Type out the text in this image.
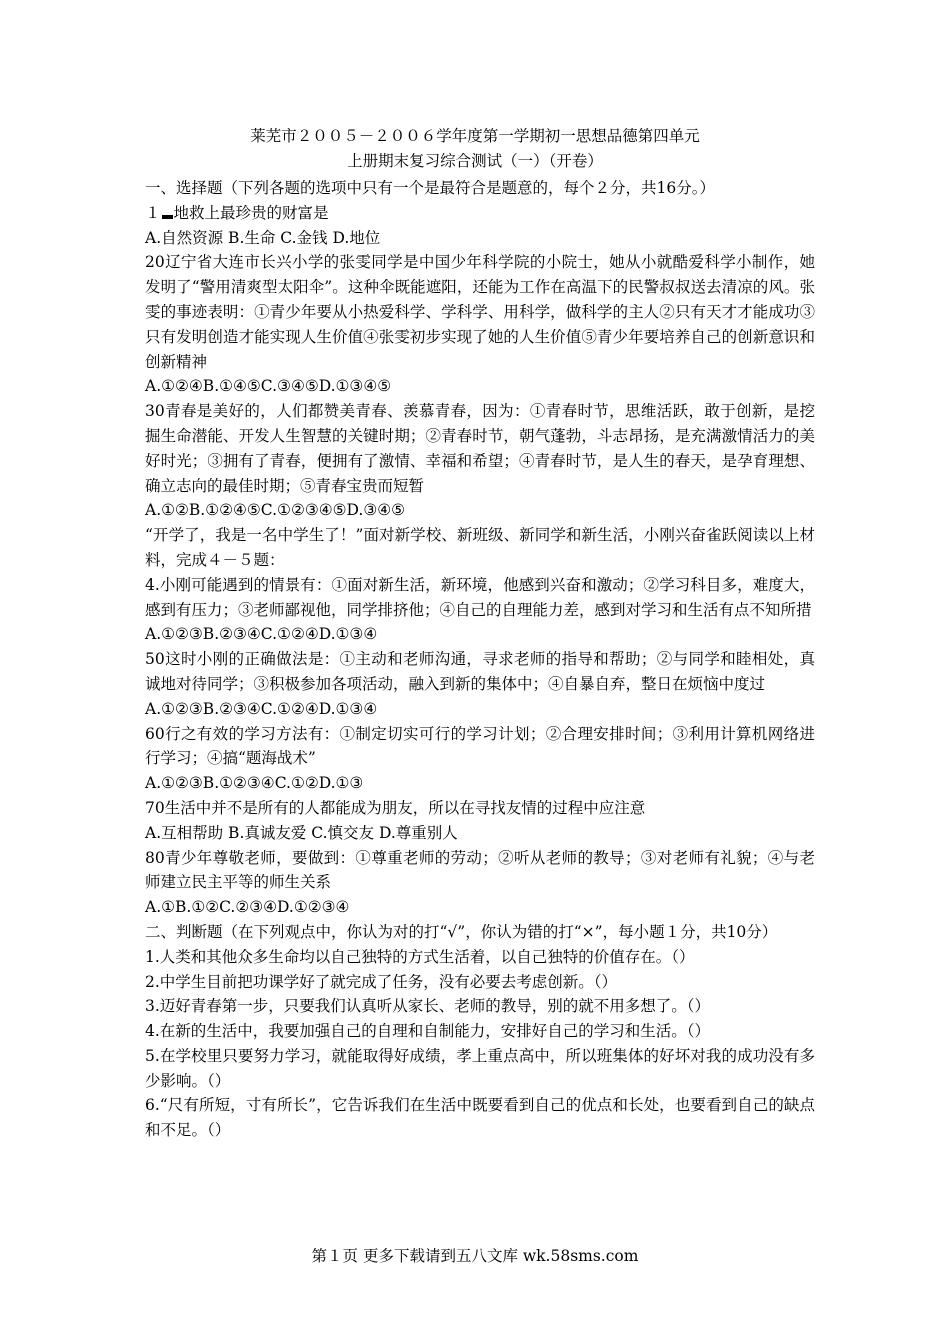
莱芜市２００５－２００６学年度第一学期初一思想品德第四单元
上册期末复习综合测试（一）（开卷）

一、选择题（下列各题的选项中只有一个是最符合是题意的，每个２分，共16分。）

１ 地救上最珍贵的财富是

A.自然资源 B.生命 C.金钱 D.地位

20辽宁省大连市长兴小学的张雯同学是中国少年科学院的小院士，她从小就酷爱科学小制作，她发明了“警用清爽型太阳伞”。这种伞既能遮阳，还能为工作在高温下的民警叔叔送去清凉的风。张雯的事迹表明：①青少年要从小热爱科学、学科学、用科学，做科学的主人②只有天才才能成功③只有发明创造才能实现人生价值④张雯初步实现了她的人生价值⑤青少年要培养自己的创新意识和创新精神

A.①②④B.①④⑤C.③④⑤D.①③④⑤

30青春是美好的，人们都赞美青春、羡慕青春，因为：①青春时节，思维活跃，敢于创新，是挖掘生命潜能、开发人生智慧的关键时期；②青春时节，朝气蓬勃，斗志昂扬，是充满激情活力的美好时光；③拥有了青春，便拥有了激情、幸福和希望；④青春时节，是人生的春天，是孕育理想、确立志向的最佳时期；⑤青春宝贵而短暂

A.①②B.①②④⑤C.①②③④⑤D.③④⑤

“开学了，我是一名中学生了！”面对新学校、新班级、新同学和新生活，小刚兴奋雀跃阅读以上材料，完成４－５题：

4.小刚可能遇到的情景有：①面对新生活，新环境，他感到兴奋和激动；②学习科目多，难度大，感到有压力；③老师鄙视他，同学排挤他；④自己的自理能力差，感到对学习和生活有点不知所措

A.①②③B.②③④C.①②④D.①③④

50这时小刚的正确做法是：①主动和老师沟通，寻求老师的指导和帮助；②与同学和睦相处，真诚地对待同学；③积极参加各项活动，融入到新的集体中；④自暴自弃，整日在烦恼中度过

A.①②③B.②③④C.①②④D.①③④

60行之有效的学习方法有：①制定切实可行的学习计划；②合理安排时间；③利用计算机网络进行学习；④搞“题海战术”

A.①②③B.①②③④C.①②D.①③

70生活中并不是所有的人都能成为朋友，所以在寻找友情的过程中应注意

A.互相帮助 B.真诚友爱 C.慎交友 D.尊重别人

80青少年尊敬老师，要做到：①尊重老师的劳动；②听从老师的教导；③对老师有礼貌；④与老师建立民主平等的师生关系

A.①B.①②C.②③④D.①②③④

二、判断题（在下列观点中，你认为对的打“√”，你认为错的打“×”，每小题１分，共10分）

1.人类和其他众多生命均以自己独特的方式生活着，以自己独特的价值存在。（）

2.中学生目前把功课学好了就完成了任务，没有必要去考虑创新。（）

3.迈好青春第一步，只要我们认真听从家长、老师的教导，别的就不用多想了。（）

4.在新的生活中，我要加强自己的自理和自制能力，安排好自己的学习和生活。（）

5.在学校里只要努力学习，就能取得好成绩，孝上重点高中，所以班集体的好坏对我的成功没有多少影响。（）

6.“尺有所短，寸有所长”，它告诉我们在生活中既要看到自己的优点和长处，也要看到自己的缺点和不足。（）

第１页 更多下载请到五八文库 wk.58sms.com
